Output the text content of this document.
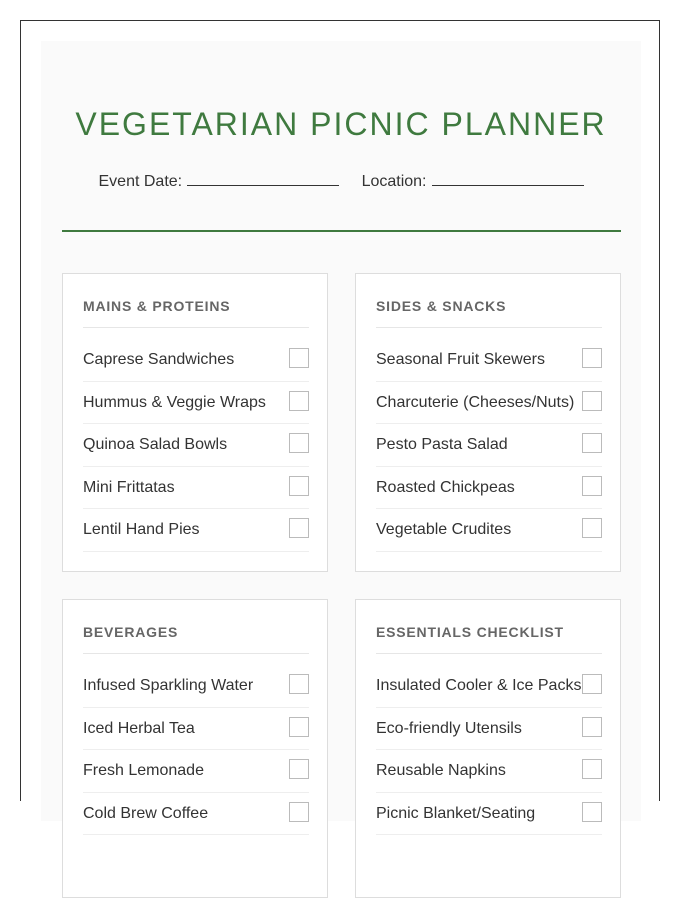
VEGETARIAN PICNIC PLANNER
Event Date:	Location:
MAINS & PROTEINS
Caprese Sandwiches
Hummus & Veggie Wraps
Quinoa Salad Bowls
Mini Frittatas
Lentil Hand Pies
SIDES & SNACKS
Seasonal Fruit Skewers
Charcuterie (Cheeses/Nuts)
Pesto Pasta Salad
Roasted Chickpeas
Vegetable Crudites
BEVERAGES
Infused Sparkling Water
Iced Herbal Tea
Fresh Lemonade
Cold Brew Coffee
ESSENTIALS CHECKLIST
Insulated Cooler & Ice Packs
Eco-friendly Utensils
Reusable Napkins
Picnic Blanket/Seating
